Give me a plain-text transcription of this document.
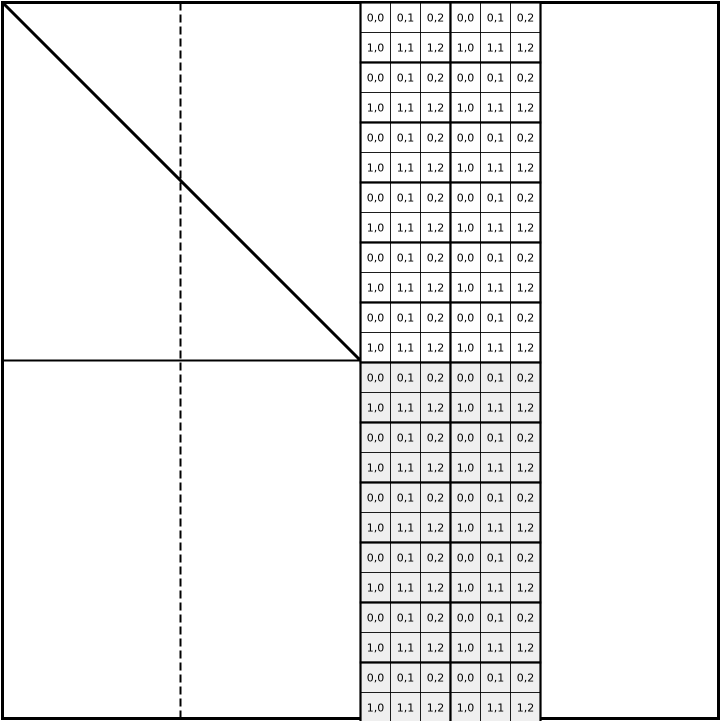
0,0 0,1 0,2
1,0 1,1 1,2
0,0 0,1 0,2
1,0 1,1 1,2
0,0 0,1 0,2
1,0 1,1 1,2
0,0 0,1 0,2
1,0 1,1 1,2
0,0 0,1 0,2
1,0 1,1 1,2
0,0 0,1 0,2
1,0 1,1 1,2
0,0 0,1 0,2
1,0 1,1 1,2
0,0 0,1 0,2
1,0 1,1 1,2
0,0 0,1 0,2
1,0 1,1 1,2
0,0 0,1 0,2
1,0 1,1 1,2
0,0 0,1 0,2
1,0 1,1 1,2
0,0 0,1 0,2
1,0 1,1 1,2
0,0 0,1 0,2
1,0 1,1 1,2
0,0 0,1 0,2
1,0 1,1 1,2
0,0 0,1 0,2
1,0 1,1 1,2
0,0 0,1 0,2
1,0 1,1 1,2
0,0 0,1 0,2
1,0 1,1 1,2
0,0 0,1 0,2
1,0 1,1 1,2
0,0 0,1 0,2
1,0 1,1 1,2
0,0 0,1 0,2
1,0 1,1 1,2
0,0 0,1 0,2
1,0 1,1 1,2
0,0 0,1 0,2
1,0 1,1 1,2
0,0 0,1 0,2
1,0 1,1 1,2
0,0 0,1 0,2
1,0 1,1 1,2
